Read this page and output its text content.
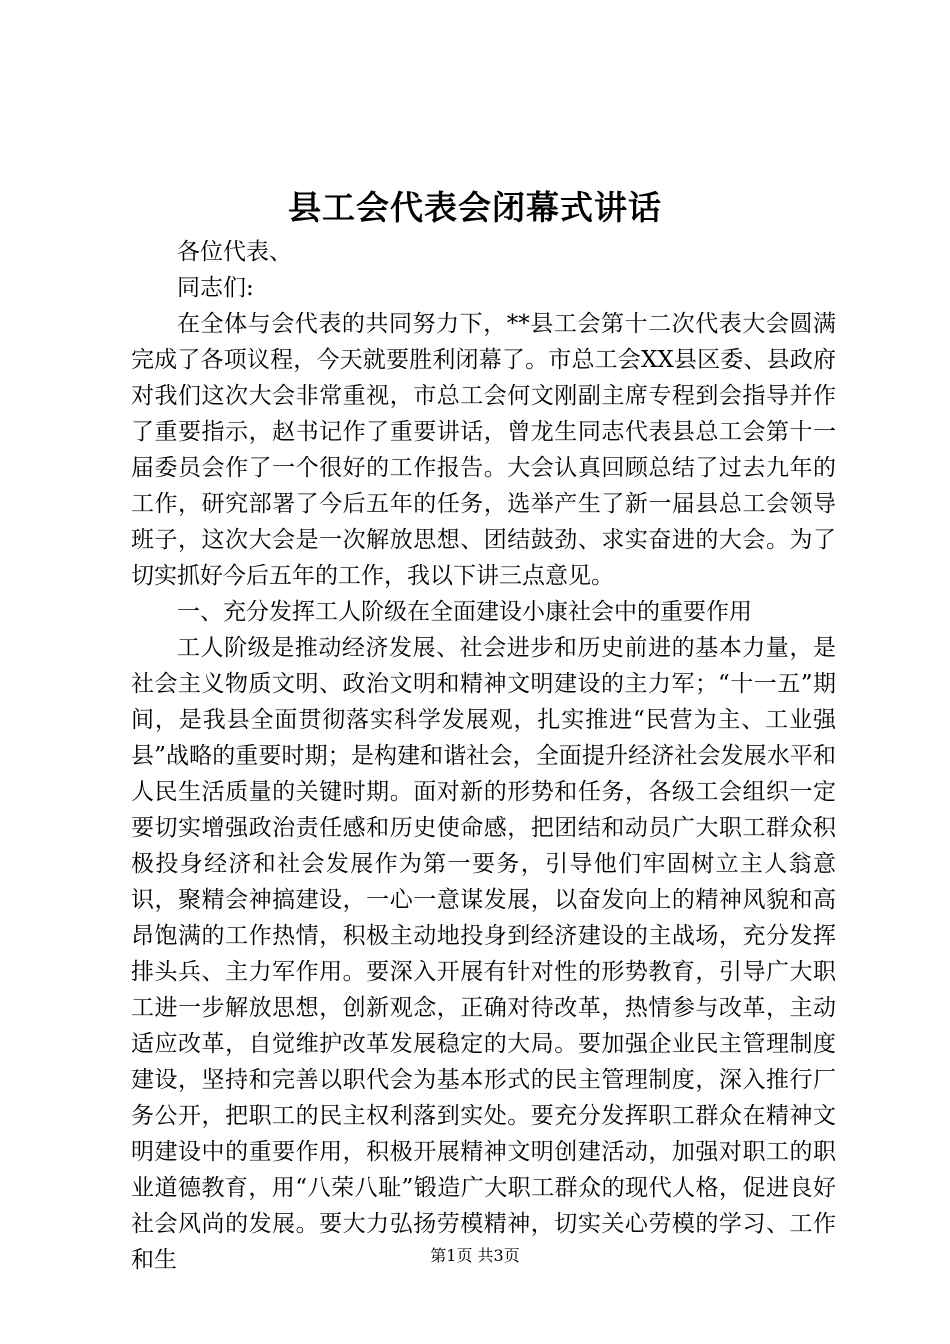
县工会代表会闭幕式讲话

各位代表、

同志们:

在全体与会代表的共同努力下，**县工会第十二次代表大会圆满完成了各项议程，今天就要胜利闭幕了。市总工会XX县区委、县政府对我们这次大会非常重视，市总工会何文刚副主席专程到会指导并作了重要指示，赵书记作了重要讲话，曾龙生同志代表县总工会第十一届委员会作了一个很好的工作报告。大会认真回顾总结了过去九年的工作，研究部署了今后五年的任务，选举产生了新一届县总工会领导班子，这次大会是一次解放思想、团结鼓劲、求实奋进的大会。为了切实抓好今后五年的工作，我以下讲三点意见。

一、充分发挥工人阶级在全面建设小康社会中的重要作用

工人阶级是推动经济发展、社会进步和历史前进的基本力量，是社会主义物质文明、政治文明和精神文明建设的主力军；“十一五”期间，是我县全面贯彻落实科学发展观，扎实推进“民营为主、工业强县”战略的重要时期；是构建和谐社会，全面提升经济社会发展水平和人民生活质量的关键时期。面对新的形势和任务，各级工会组织一定要切实增强政治责任感和历史使命感，把团结和动员广大职工群众积极投身经济和社会发展作为第一要务，引导他们牢固树立主人翁意识，聚精会神搞建设，一心一意谋发展，以奋发向上的精神风貌和高昂饱满的工作热情，积极主动地投身到经济建设的主战场，充分发挥排头兵、主力军作用。要深入开展有针对性的形势教育，引导广大职工进一步解放思想，创新观念，正确对待改革，热情参与改革，主动适应改革，自觉维护改革发展稳定的大局。要加强企业民主管理制度建设，坚持和完善以职代会为基本形式的民主管理制度，深入推行厂务公开，把职工的民主权利落到实处。要充分发挥职工群众在精神文明建设中的重要作用，积极开展精神文明创建活动，加强对职工的职业道德教育，用“八荣八耻”锻造广大职工群众的现代人格，促进良好社会风尚的发展。要大力弘扬劳模精神，切实关心劳模的学习、工作和生	第1页 共3页
